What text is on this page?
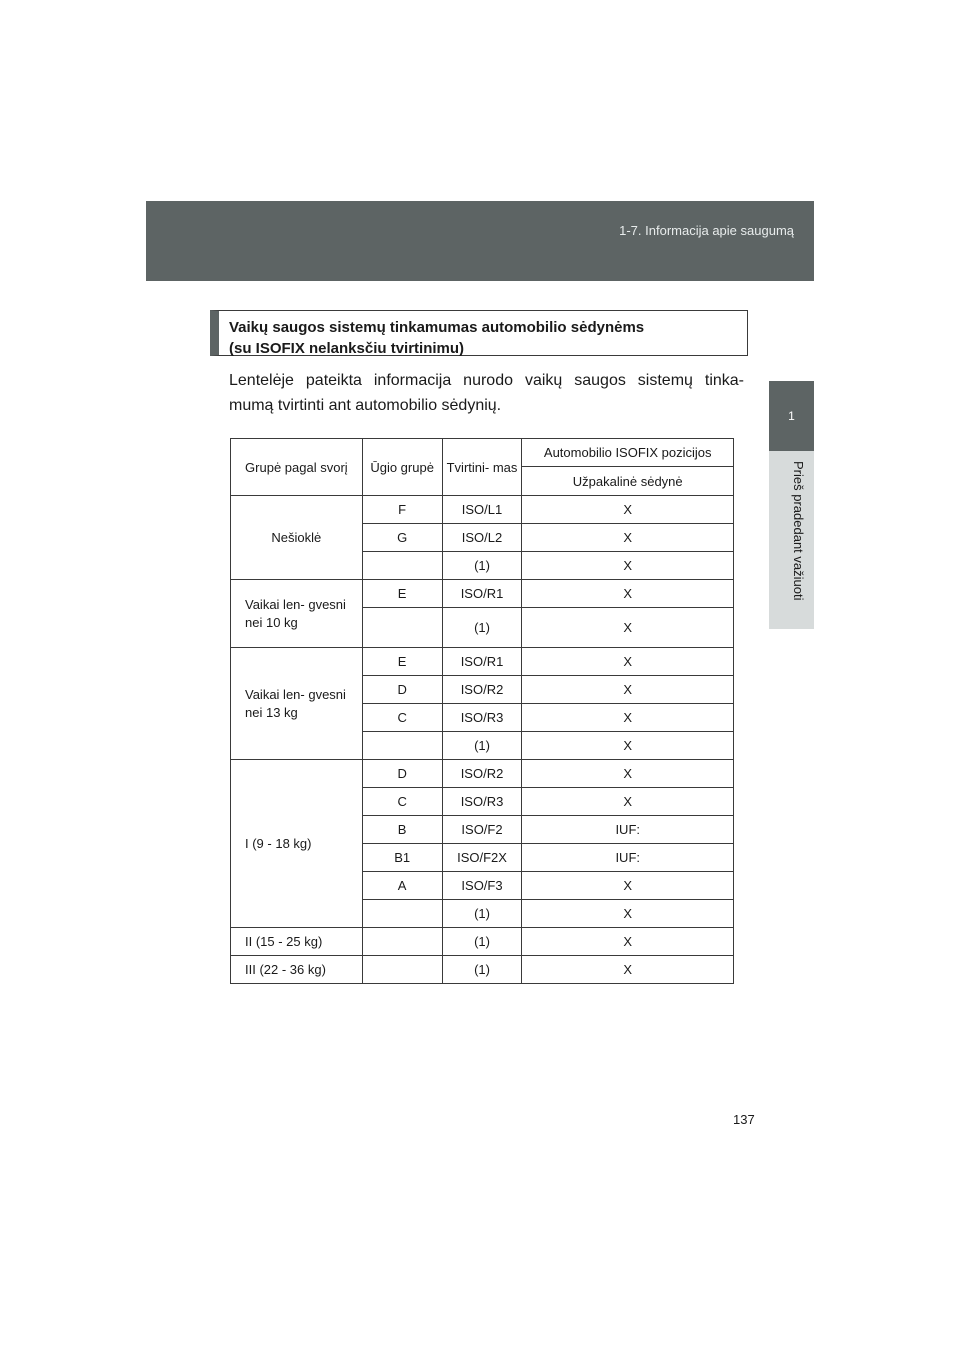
1-7. Informacija apie saugumą
1
Prieš pradedant važiuoti
Vaikų saugos sistemų tinkamumas automobilio sėdynėms
(su ISOFIX nelanksčiu tvirtinimu)
Lentelėje pateikta informacija nurodo vaikų saugos sistemų tinka-
mumą tvirtinti ant automobilio sėdynių.
Grupė pagal svorį	Ūgio grupė	Tvirtini- mas	Automobilio ISOFIX pozicijos
			Užpakalinė sėdynė
Nešioklė	F	ISO/L1	X
	G	ISO/L2	X
		(1)	X
Vaikai len- gvesni nei 10 kg	E	ISO/R1	X
		(1)	X
Vaikai len- gvesni nei 13 kg	E	ISO/R1	X
	D	ISO/R2	X
	C	ISO/R3	X
		(1)	X
I (9 - 18 kg)	D	ISO/R2	X
	C	ISO/R3	X
	B	ISO/F2	IUF:
	B1	ISO/F2X	IUF:
	A	ISO/F3	X
		(1)	X
II (15 - 25 kg)		(1)	X
III (22 - 36 kg)		(1)	X
137
